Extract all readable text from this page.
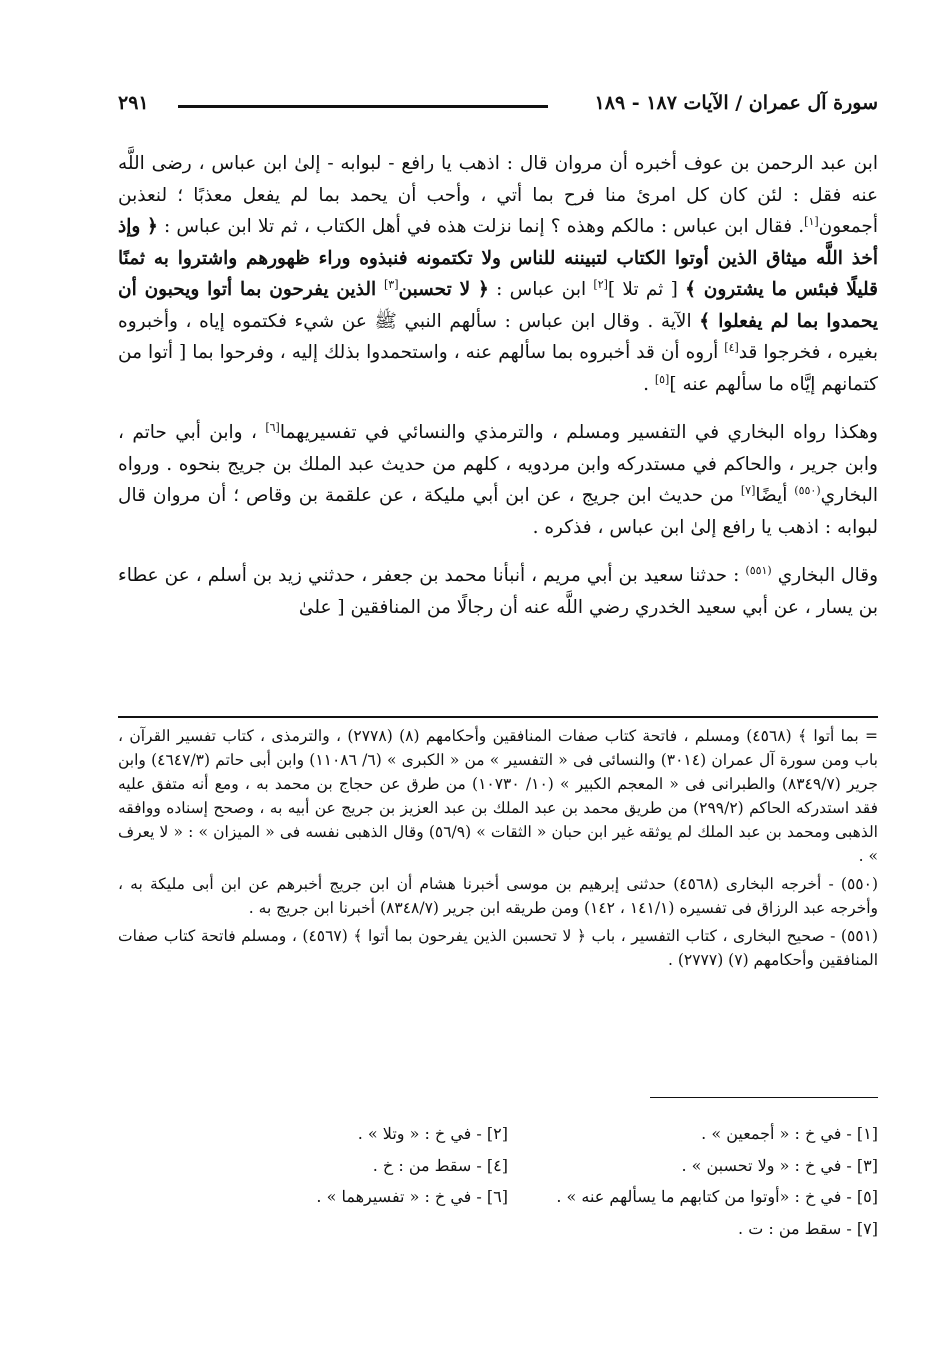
سورة آل عمران / الآيات ١٨٧ - ١٨٩
٢٩١

ابن عبد الرحمن بن عوف أخبره أن مروان قال : اذهب يا رافع - لبوابه - إلىٰ ابن عباس ، رضى اللَّه عنه فقل : لئن كان كل امرئ منا فرح بما أتي ، وأحب أن يحمد بما لم يفعل معذبًا ؛ لنعذبن أجمعون[١]. فقال ابن عباس : مالكم وهذه ؟ إنما نزلت هذه في أهل الكتاب ، ثم تلا ابن عباس : ﴿ وإذ أخذ اللَّه ميثاق الذين أوتوا الكتاب لتبيننه للناس ولا تكتمونه فنبذوه وراء ظهورهم واشتروا به ثمنًا قليلًا فبئس ما يشترون ﴾ [ ثم تلا ][٢] ابن عباس : ﴿ لا تحسبن[٣] الذين يفرحون بما أتوا ويحبون أن يحمدوا بما لم يفعلوا ﴾ الآية . وقال ابن عباس : سألهم النبي ﷺ عن شيء فكتموه إياه ، وأخبروه بغيره ، فخرجوا قد[٤] أروه أن قد أخبروه بما سألهم عنه ، واستحمدوا بذلك إليه ، وفرحوا بما [ أتوا من كتمانهم إيَّاه ما سألهم عنه ][٥] .

وهكذا رواه البخاري في التفسير ومسلم ، والترمذي والنسائي في تفسيريهما[٦] ، وابن أبي حاتم ، وابن جرير ، والحاكم في مستدركه وابن مردويه ، كلهم من حديث عبد الملك بن جريج بنحوه . ورواه البخاري$^{(٥٥٠)}$ أيضًا[٧] من حديث ابن جريج ، عن ابن أبي مليكة ، عن علقمة بن وقاص ؛ أن مروان قال لبوابه : اذهب يا رافع إلىٰ ابن عباس ، فذكره .

وقال البخاري $^{(٥٥١)}$ : حدثنا سعيد بن أبي مريم ، أنبأنا محمد بن جعفر ، حدثني زيد بن أسلم ، عن عطاء بن يسار ، عن أبي سعيد الخدري رضي اللَّه عنه أن رجالًا من المنافقين [ علىٰ

= بما أتوا ﴾ (٤٥٦٨) ومسلم ، فاتحة كتاب صفات المنافقين وأحكامهم (٨) (٢٧٧٨) ، والترمذى ، كتاب تفسير القرآن ، باب ومن سورة آل عمران (٣٠١٤) والنسائى فى « التفسير » من « الكبرى » (٦/ ١١٠٨٦) وابن أبى حاتم (٤٦٤٧/٣) وابن جرير (٨٣٤٩/٧) والطبرانى فى « المعجم الكبير » (١٠/ ١٠٧٣٠) من طرق عن حجاج بن محمد به ، ومع أنه متفق عليه فقد استدركه الحاكم (٢٩٩/٢) من طريق محمد بن عبد الملك بن عبد العزيز بن جريج عن أبيه به ، وصحح إسناده ووافقه الذهبى ومحمد بن عبد الملك لم يوثقه غير ابن حبان « الثقات » (٥٦/٩) وقال الذهبى نفسه فى « الميزان » : « لا يعرف » .

(٥٥٠) - أخرجه البخارى (٤٥٦٨) حدثنى إبرهيم بن موسى أخبرنا هشام أن ابن جريج أخبرهم عن ابن أبى مليكة به ، وأخرجه عبد الرزاق فى تفسيره (١٤١/١ ، ١٤٢) ومن طريقه ابن جرير (٨٣٤٨/٧) أخبرنا ابن جريج به .

(٥٥١) - صحيح البخارى ، كتاب التفسير ، باب ﴿ لا تحسبن الذين يفرحون بما أتوا ﴾ (٤٥٦٧) ، ومسلم فاتحة كتاب صفات المنافقين وأحكامهم (٧) (٢٧٧٧) .

[١] - في خ : « أجمعين » .
[٢] - في خ : « وتلا » .
[٣] - في خ : « ولا تحسبن » .
[٤] - سقط من : خ .
[٥] - في خ : «أوتوا من كتابهم ما يسألهم عنه » .
[٦] - في خ : « تفسيرهما » .
[٧] - سقط من : ت .
